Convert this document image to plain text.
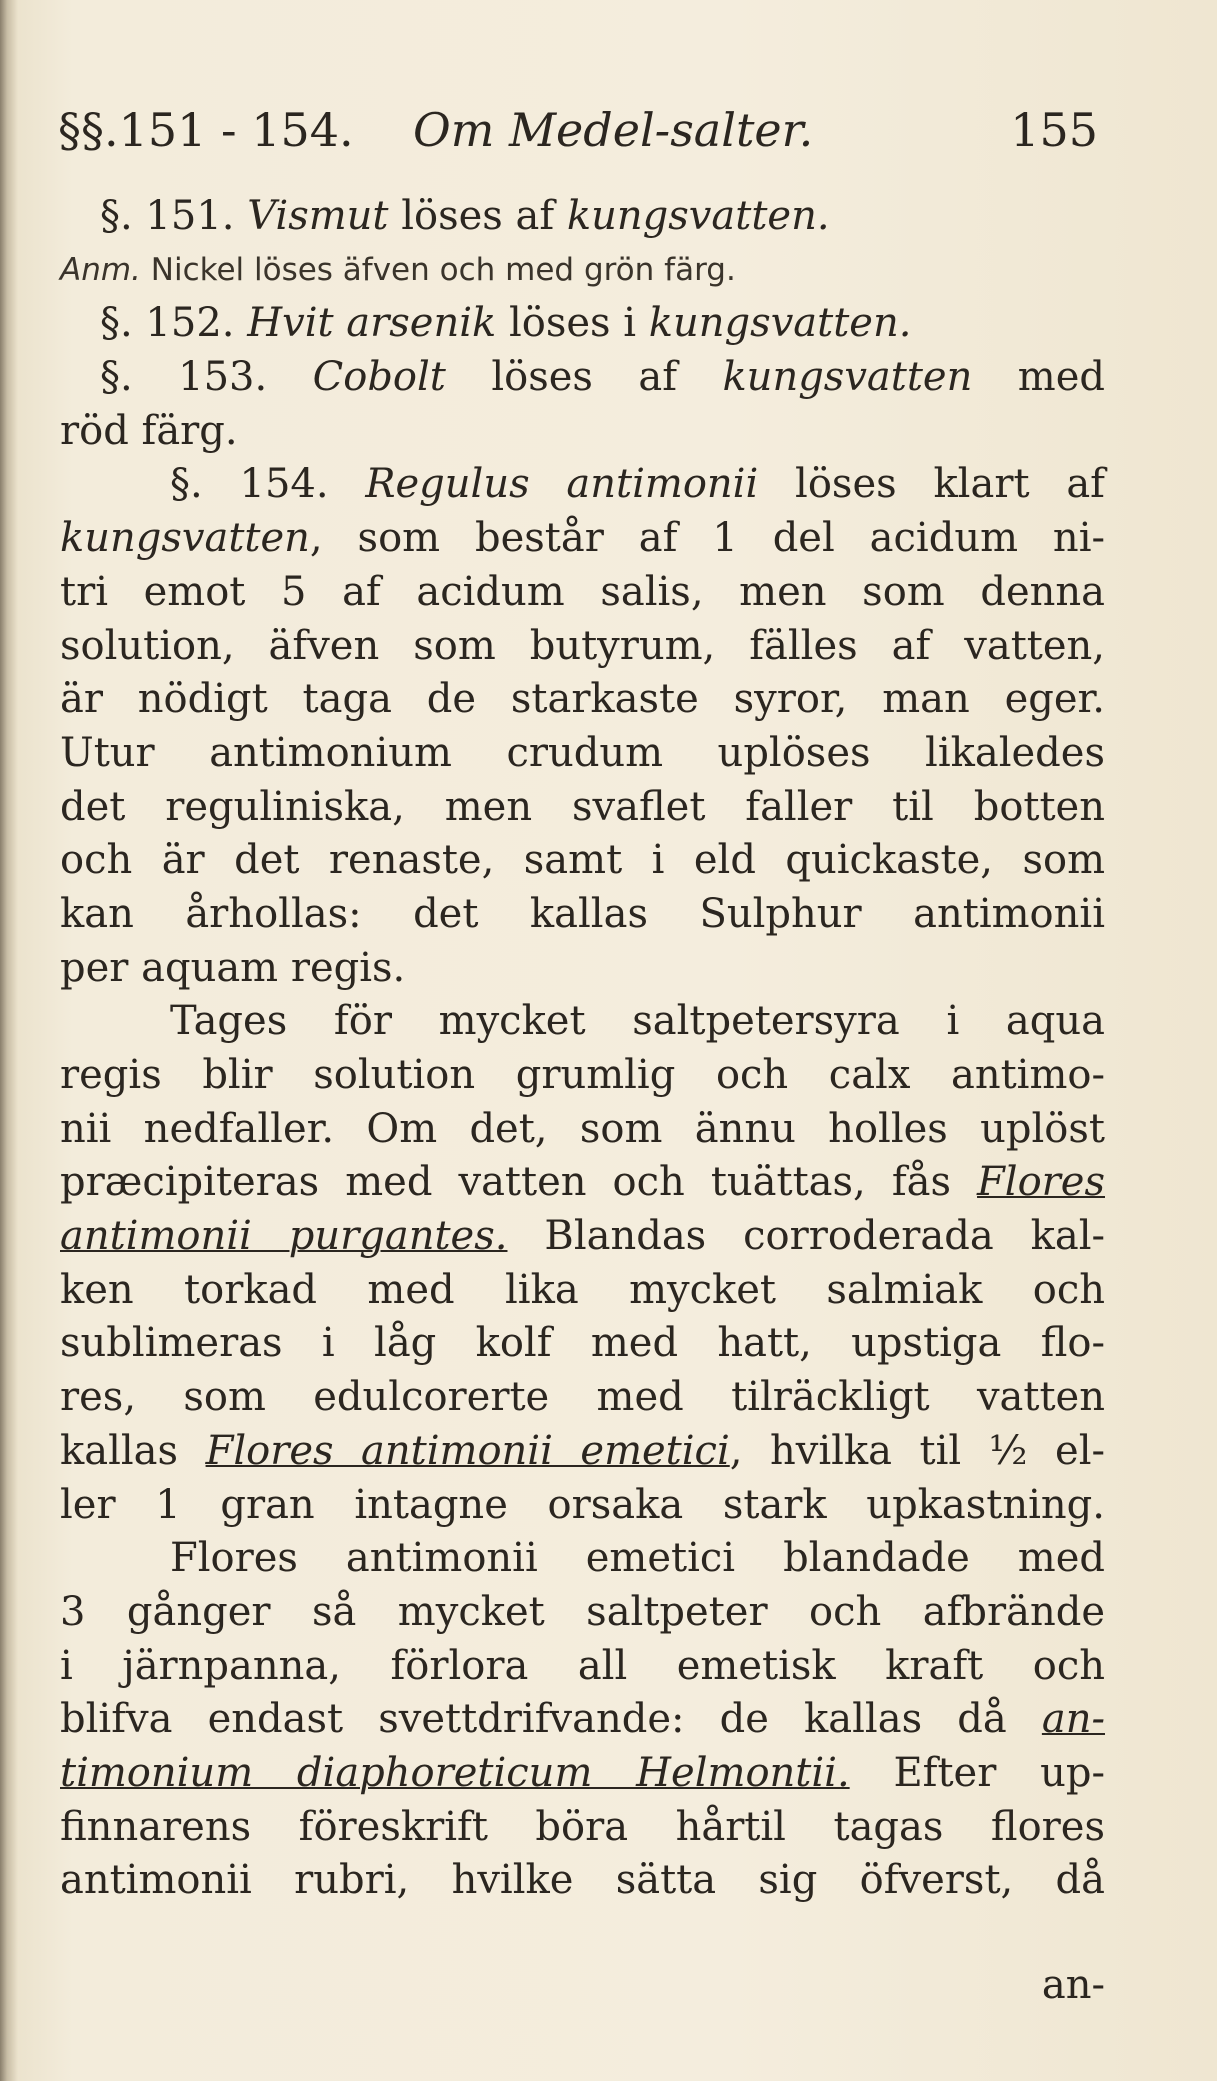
§§.151 - 154. Om Medel-salter.	155
§. 151. Vismut löses af kungsvatten.
Anm. Nickel löses äfven och med grön färg.
§. 152. Hvit arsenik löses i kungsvatten.
§. 153. Cobolt löses af kungsvatten med
röd färg.
§. 154. Regulus antimonii löses klart af
kungsvatten, som består af 1 del acidum ni-
tri emot 5 af acidum salis, men som denna
solution, äfven som butyrum, fälles af vatten,
är nödigt taga de starkaste syror, man eger.
Utur antimonium crudum uplöses likaledes
det reguliniska, men svaflet faller til botten
och är det renaste, samt i eld quickaste, som
kan århollas: det kallas Sulphur antimonii
per aquam regis.
Tages för mycket saltpetersyra i aqua
regis blir solution grumlig och calx antimo-
nii nedfaller. Om det, som ännu holles uplöst
præcipiteras med vatten och tuättas, fås Flores
antimonii purgantes. Blandas corroderada kal-
ken torkad med lika mycket salmiak och
sublimeras i låg kolf med hatt, upstiga flo-
res, som edulcorerte med tilräckligt vatten
kallas Flores antimonii emetici, hvilka til ½ el-
ler 1 gran intagne orsaka stark upkastning.
Flores antimonii emetici blandade med
3 gånger så mycket saltpeter och afbrände
i järnpanna, förlora all emetisk kraft och
blifva endast svettdrifvande: de kallas då an-
timonium diaphoreticum Helmontii. Efter up-
finnarens föreskrift böra hårtil tagas flores
antimonii rubri, hvilke sätta sig öfverst, då
an-
